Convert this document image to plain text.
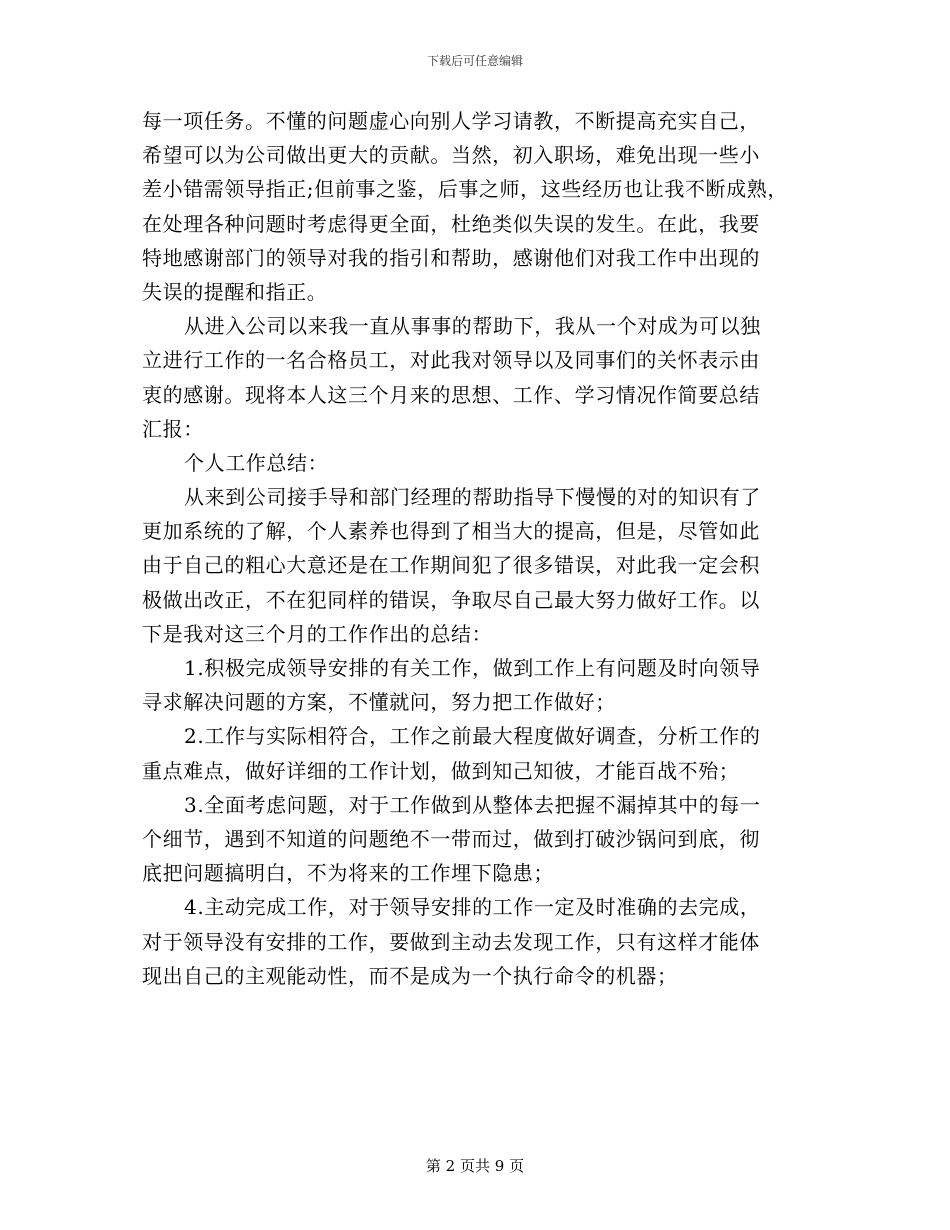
下载后可任意编辑
每一项任务。不懂的问题虚心向别人学习请教，不断提高充实自己，
希望可以为公司做出更大的贡献。当然，初入职场，难免出现一些小
差小错需领导指正;但前事之鉴，后事之师，这些经历也让我不断成熟，
在处理各种问题时考虑得更全面，杜绝类似失误的发生。在此，我要
特地感谢部门的领导对我的指引和帮助，感谢他们对我工作中出现的
失误的提醒和指正。
从进入公司以来我一直从事事的帮助下，我从一个对成为可以独
立进行工作的一名合格员工，对此我对领导以及同事们的关怀表示由
衷的感谢。现将本人这三个月来的思想、工作、学习情况作简要总结
汇报：
个人工作总结：
从来到公司接手导和部门经理的帮助指导下慢慢的对的知识有了
更加系统的了解，个人素养也得到了相当大的提高，但是，尽管如此
由于自己的粗心大意还是在工作期间犯了很多错误，对此我一定会积
极做出改正，不在犯同样的错误，争取尽自己最大努力做好工作。以
下是我对这三个月的工作作出的总结：
1.积极完成领导安排的有关工作，做到工作上有问题及时向领导
寻求解决问题的方案，不懂就问，努力把工作做好；
2.工作与实际相符合，工作之前最大程度做好调查，分析工作的
重点难点，做好详细的工作计划，做到知己知彼，才能百战不殆；
3.全面考虑问题，对于工作做到从整体去把握不漏掉其中的每一
个细节，遇到不知道的问题绝不一带而过，做到打破沙锅问到底，彻
底把问题搞明白，不为将来的工作埋下隐患；
4.主动完成工作，对于领导安排的工作一定及时准确的去完成，
对于领导没有安排的工作，要做到主动去发现工作，只有这样才能体
现出自己的主观能动性，而不是成为一个执行命令的机器；
第 2 页共 9 页
